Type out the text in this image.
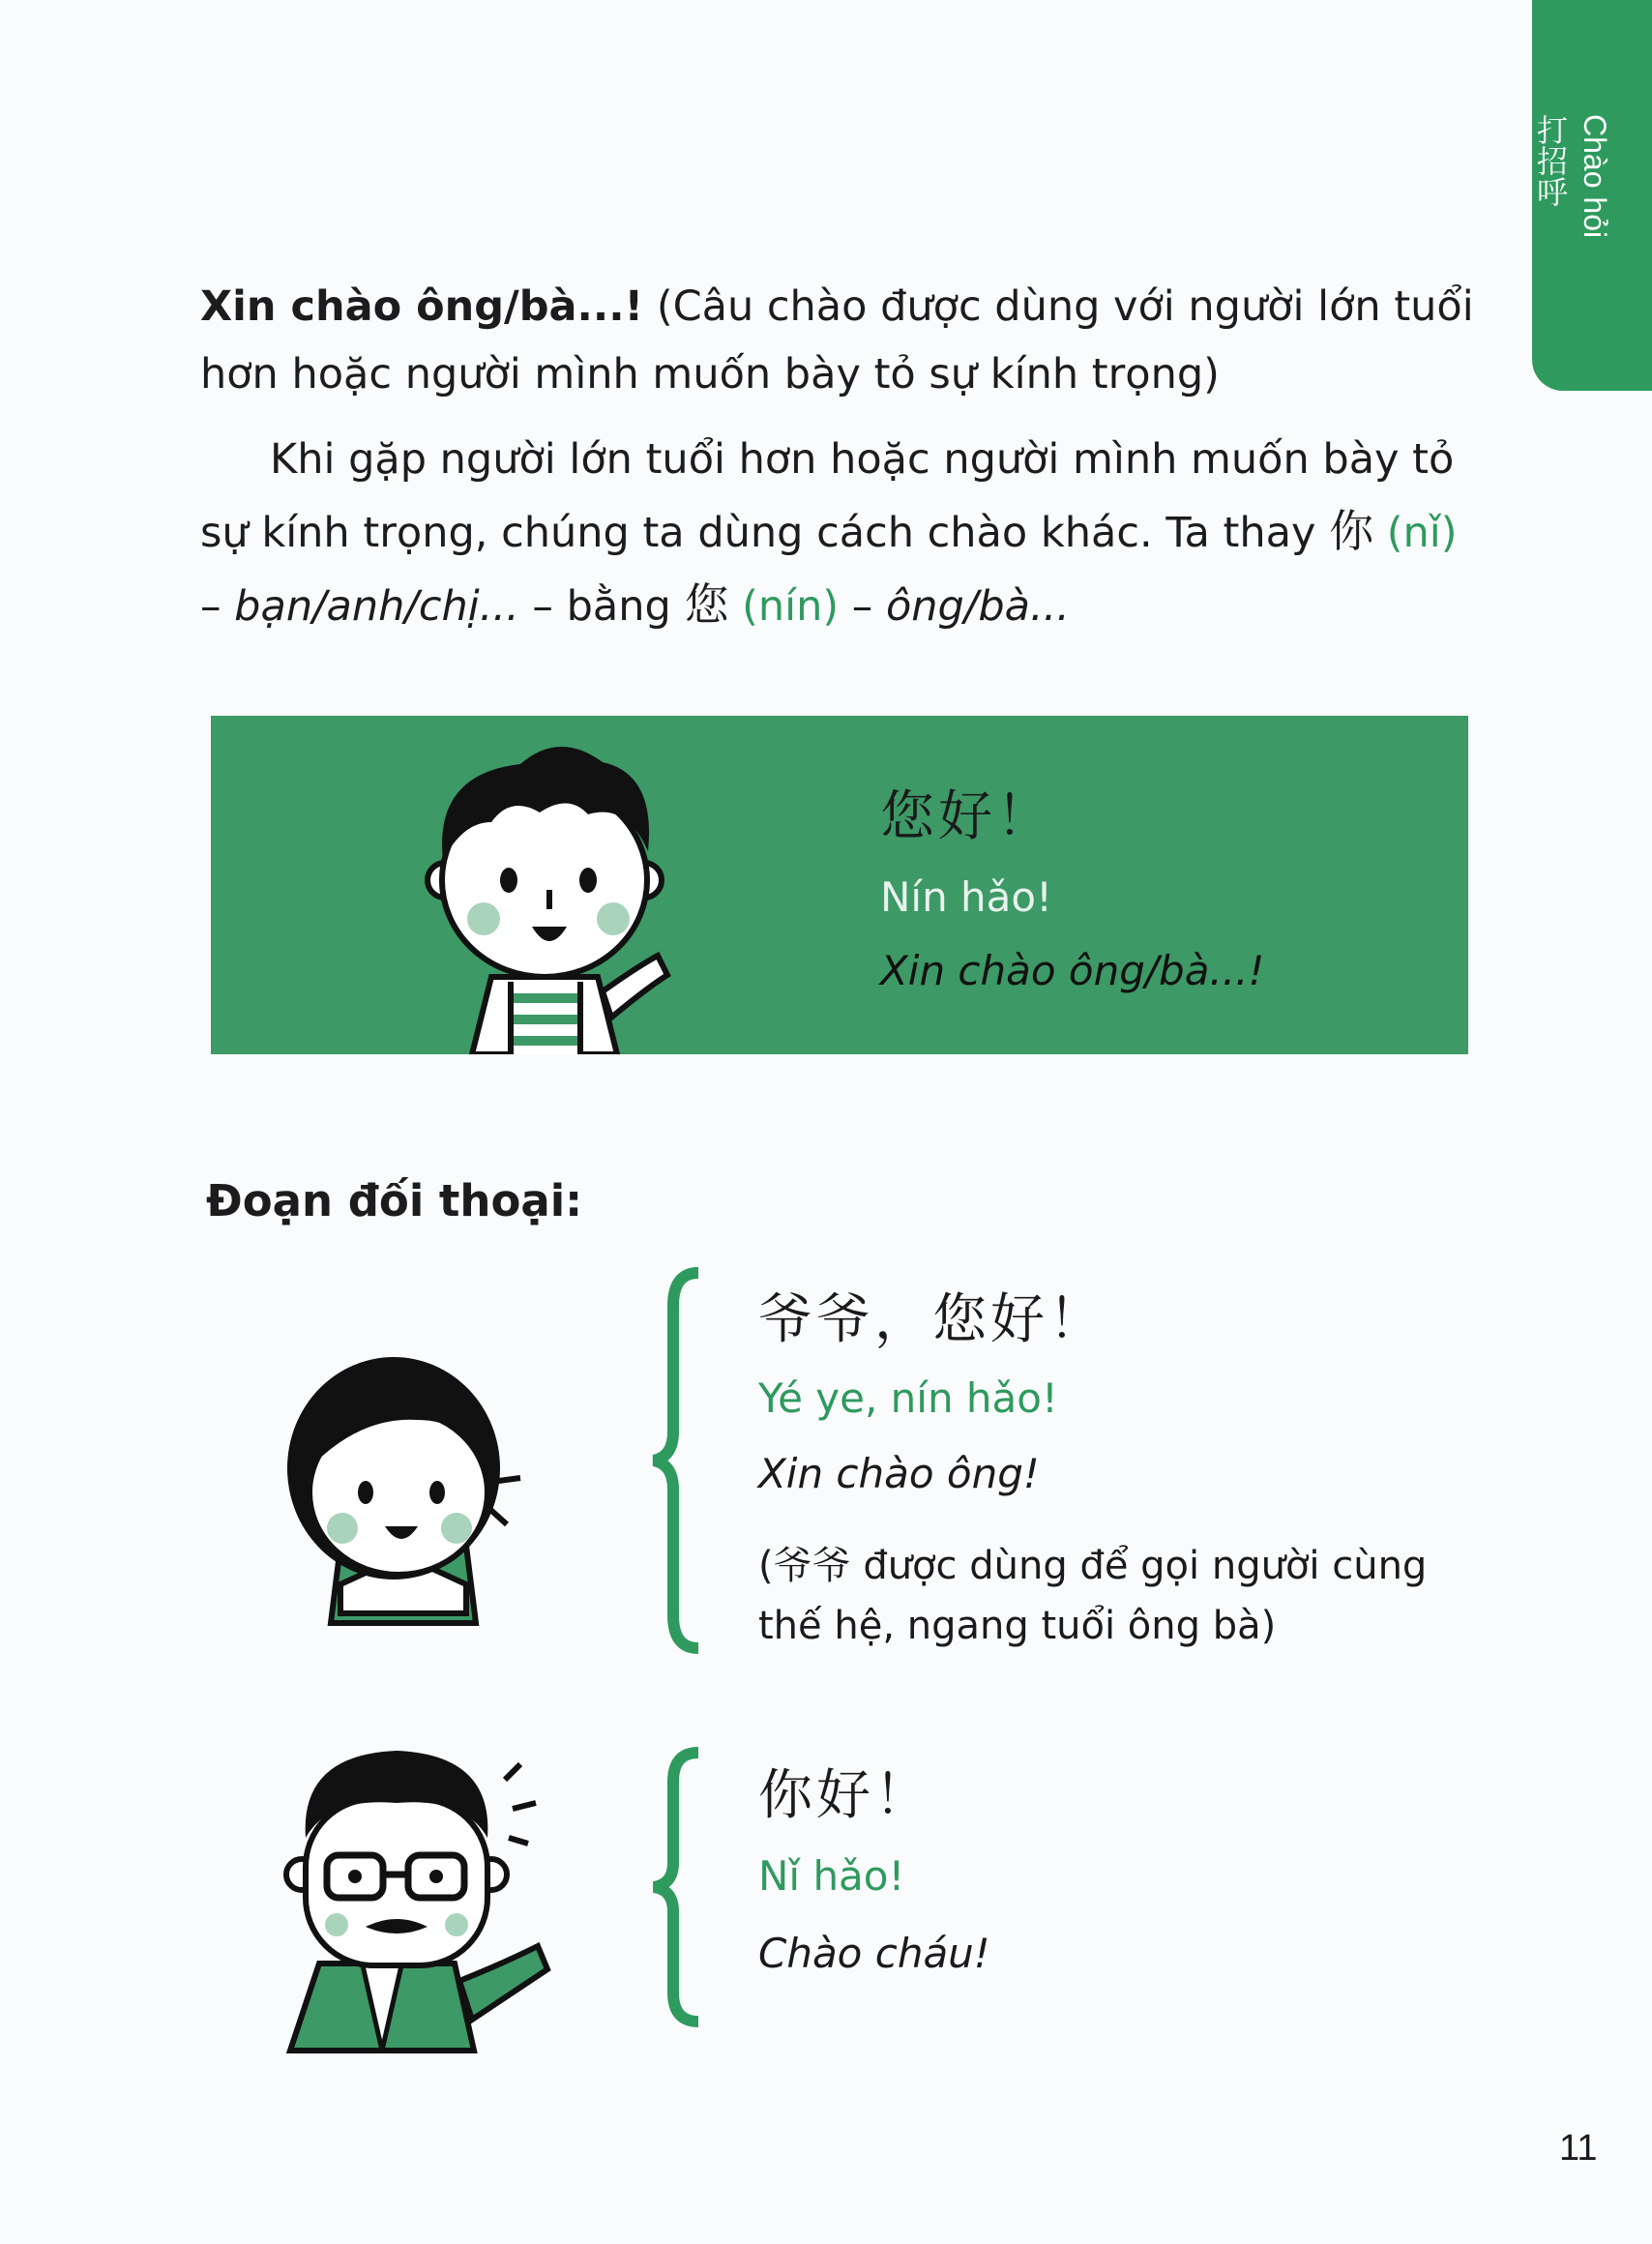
Chào hỏi
打招呼

Xin chào ông/bà...! (Câu chào được dùng với người lớn tuổi hơn hoặc người mình muốn bày tỏ sự kính trọng)

Khi gặp người lớn tuổi hơn hoặc người mình muốn bày tỏ sự kính trọng, chúng ta dùng cách chào khác. Ta thay 你 (nǐ) – bạn/anh/chị... – bằng 您 (nín) – ông/bà...

您好！
Nín hǎo!
Xin chào ông/bà...!
Đoạn đối thoại:
爷爷，您好！
Yé ye, nín hǎo!
Xin chào ông!
(爷爷 được dùng để gọi người cùng thế hệ, ngang tuổi ông bà)
你好！
Nǐ hǎo!
Chào cháu!
11
